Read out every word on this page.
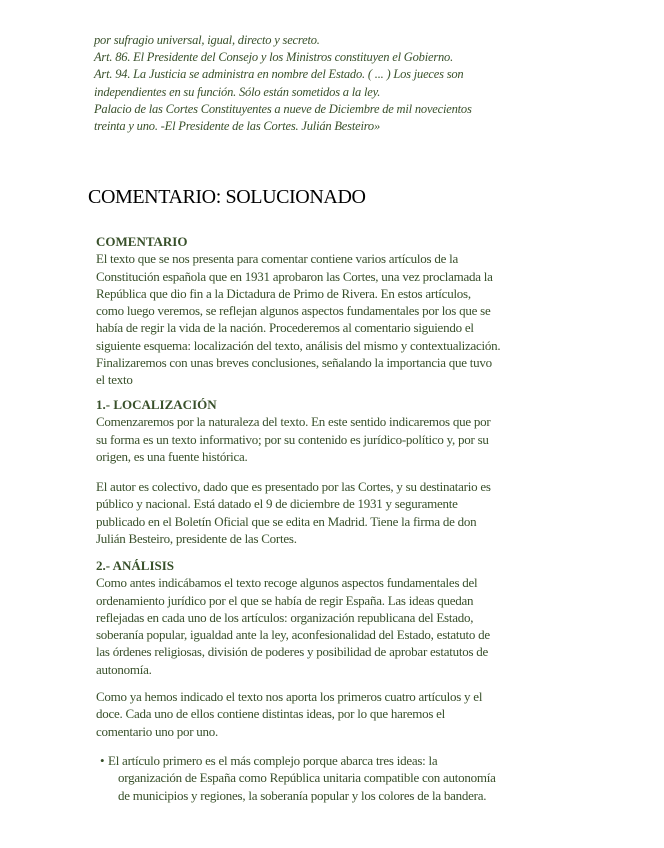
por sufragio universal, igual, directo y secreto.
Art. 86. El Presidente del Consejo y los Ministros constituyen el Gobierno.
Art. 94. La Justicia se administra en nombre del Estado. ( ... ) Los jueces son
independientes en su función. Sólo están sometidos a la ley.
Palacio de las Cortes Constituyentes a nueve de Diciembre de mil novecientos
treinta y uno. -El Presidente de las Cortes. Julián Besteiro»
COMENTARIO: SOLUCIONADO
COMENTARIO
El texto que se nos presenta para comentar contiene varios artículos de la
Constitución española que en 1931 aprobaron las Cortes, una vez proclamada la
República que dio fin a la Dictadura de Primo de Rivera. En estos artículos,
como luego veremos, se reflejan algunos aspectos fundamentales por los que se
había de regir la vida de la nación. Procederemos al comentario siguiendo el
siguiente esquema: localización del texto, análisis del mismo y contextualización.
Finalizaremos con unas breves conclusiones, señalando la importancia que tuvo
el texto
1.- LOCALIZACIÓN
Comenzaremos por la naturaleza del texto. En este sentido indicaremos que por
su forma es un texto informativo; por su contenido es jurídico-político y, por su
origen, es una fuente histórica.
El autor es colectivo, dado que es presentado por las Cortes, y su destinatario es
público y nacional. Está datado el 9 de diciembre de 1931 y seguramente
publicado en el Boletín Oficial que se edita en Madrid. Tiene la firma de don
Julián Besteiro, presidente de las Cortes.
2.- ANÁLISIS
Como antes indicábamos el texto recoge algunos aspectos fundamentales del
ordenamiento jurídico por el que se había de regir España. Las ideas quedan
reflejadas en cada uno de los artículos: organización republicana del Estado,
soberanía popular, igualdad ante la ley, aconfesionalidad del Estado, estatuto de
las órdenes religiosas, división de poderes y posibilidad de aprobar estatutos de
autonomía.
Como ya hemos indicado el texto nos aporta los primeros cuatro artículos y el
doce. Cada uno de ellos contiene distintas ideas, por lo que haremos el
comentario uno por uno.
• El artículo primero es el más complejo porque abarca tres ideas: la
organización de España como República unitaria compatible con autonomía
de municipios y regiones, la soberanía popular y los colores de la bandera.
